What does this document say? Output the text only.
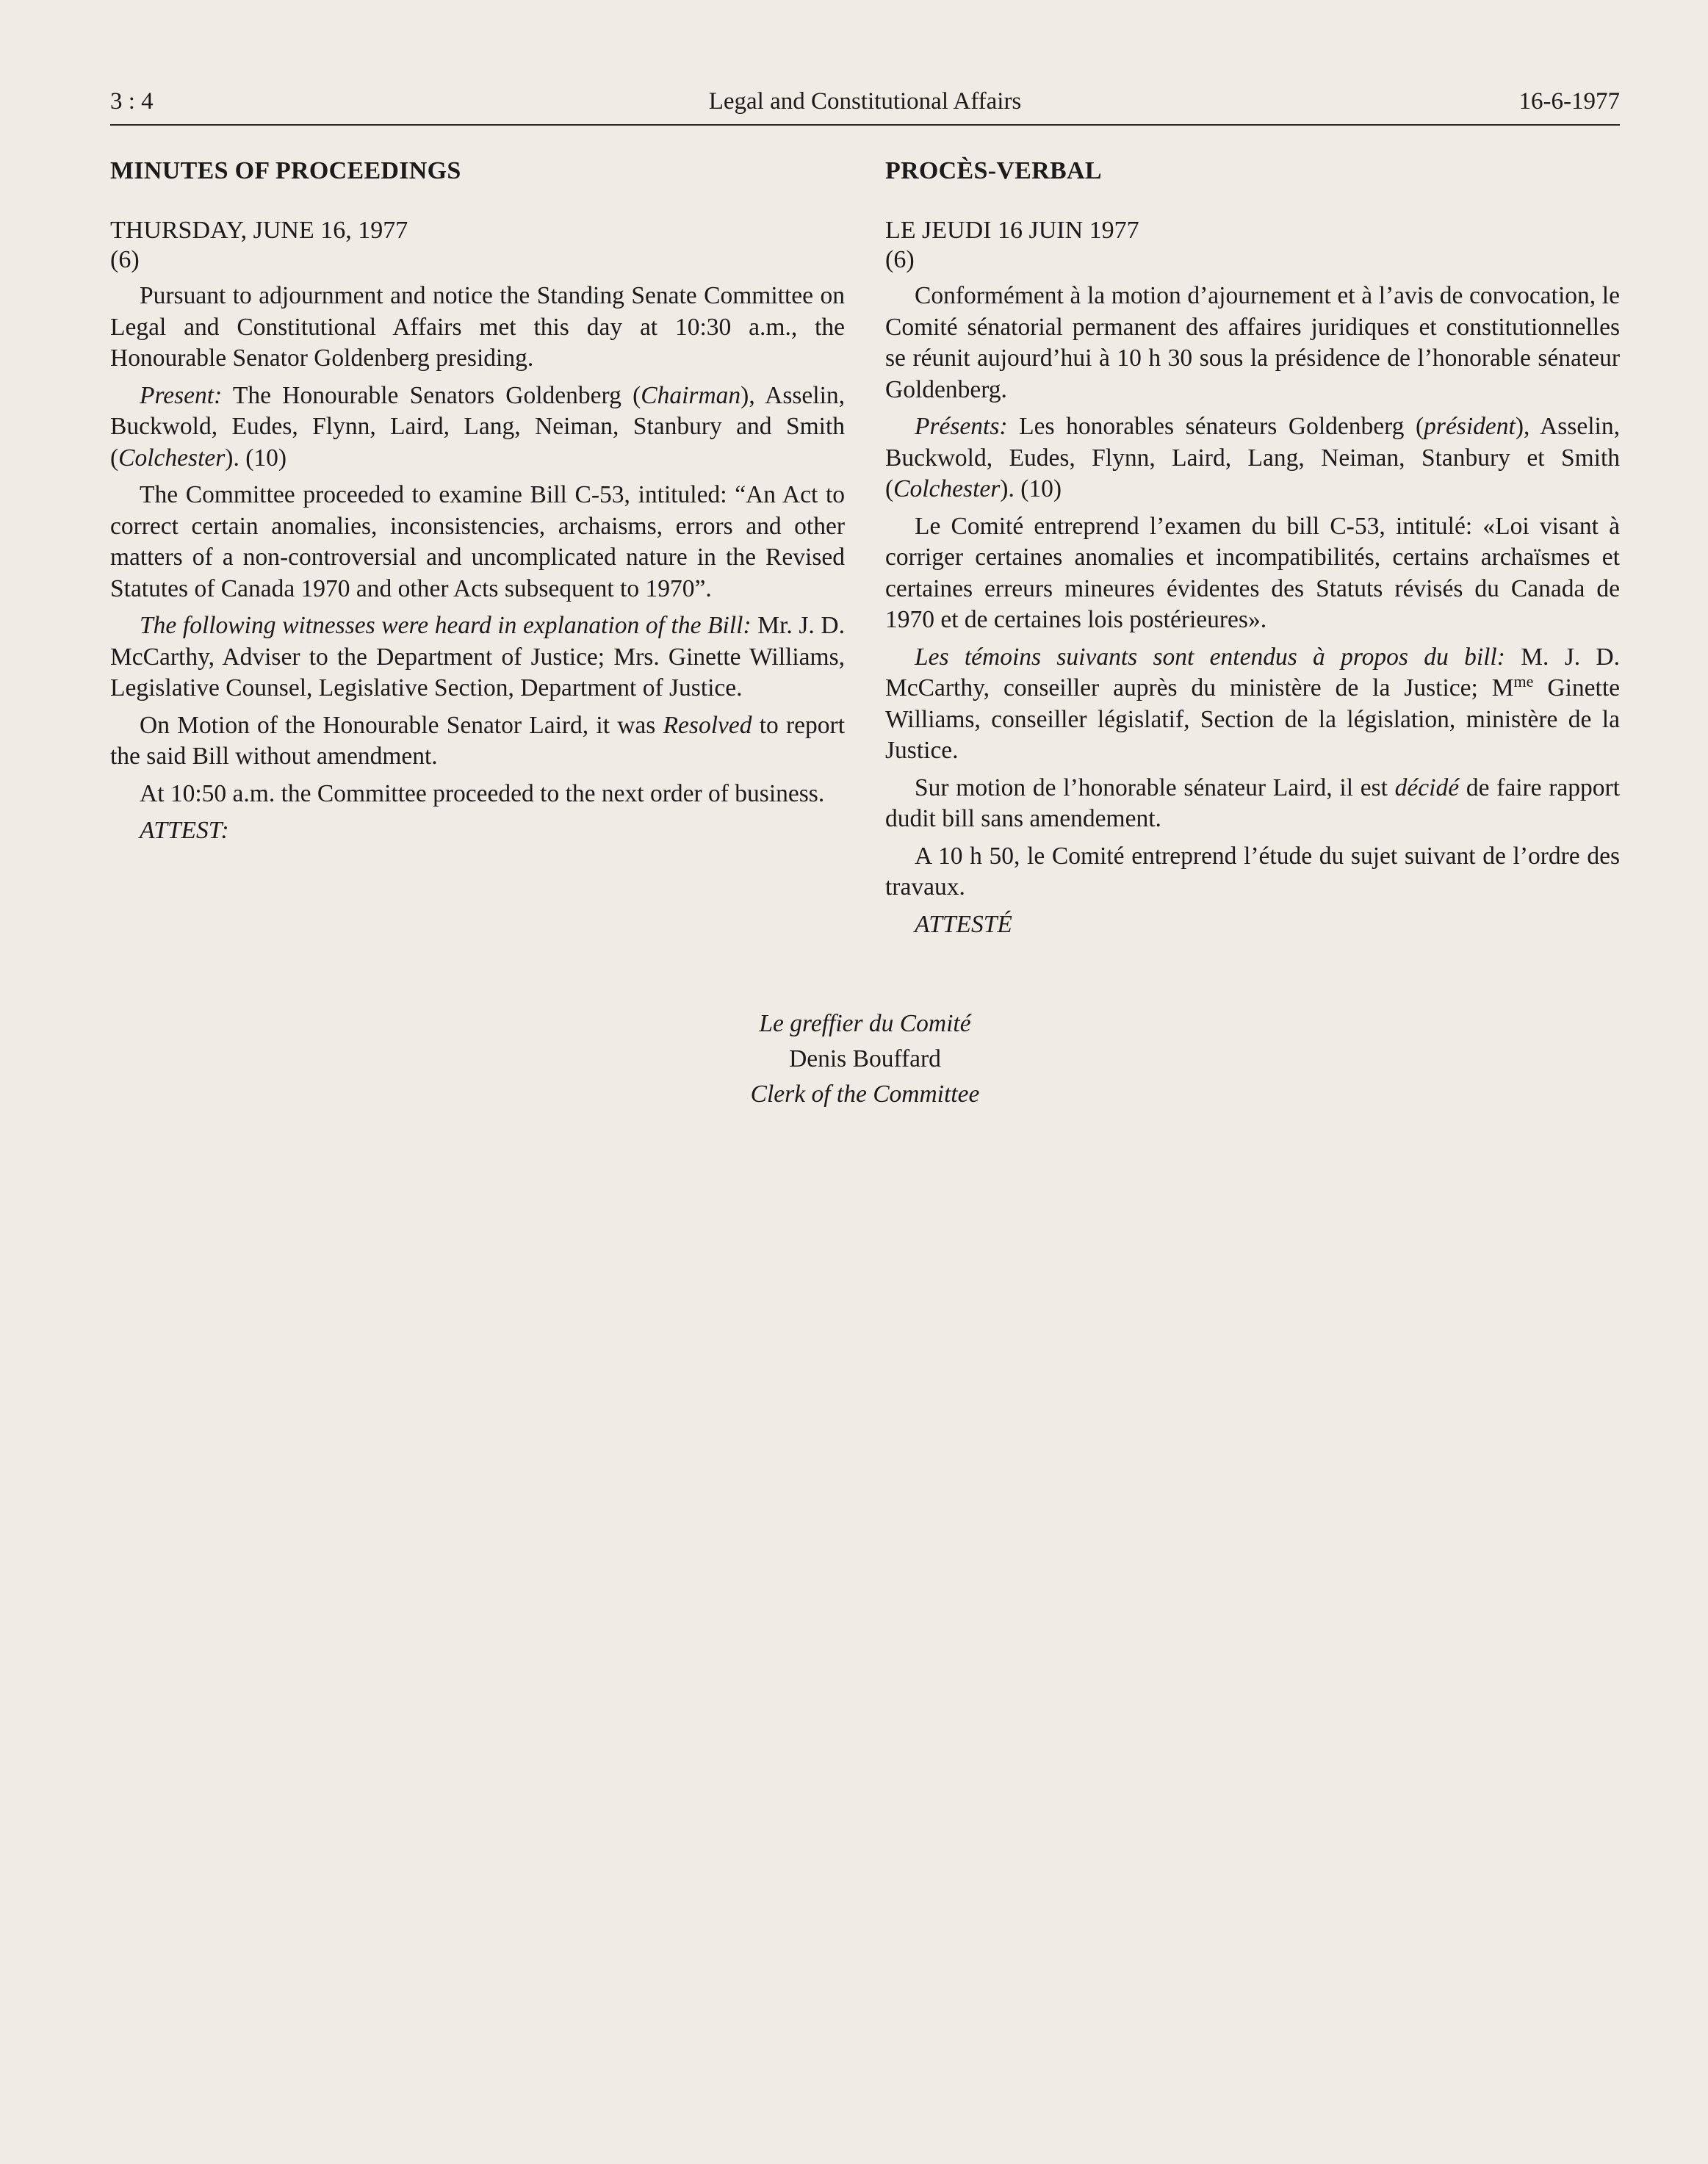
3 : 4	Legal and Constitutional Affairs	16-6-1977
MINUTES OF PROCEEDINGS
THURSDAY, JUNE 16, 1977
(6)

Pursuant to adjournment and notice the Standing Senate Committee on Legal and Constitutional Affairs met this day at 10:30 a.m., the Honourable Senator Goldenberg presiding.

Present: The Honourable Senators Goldenberg (Chairman), Asselin, Buckwold, Eudes, Flynn, Laird, Lang, Neiman, Stanbury and Smith (Colchester). (10)

The Committee proceeded to examine Bill C-53, intituled: “An Act to correct certain anomalies, inconsistencies, archaisms, errors and other matters of a non-controversial and uncomplicated nature in the Revised Statutes of Canada 1970 and other Acts subsequent to 1970”.

The following witnesses were heard in explanation of the Bill: Mr. J. D. McCarthy, Adviser to the Department of Justice; Mrs. Ginette Williams, Legislative Counsel, Legislative Section, Department of Justice.

On Motion of the Honourable Senator Laird, it was Resolved to report the said Bill without amendment.

At 10:50 a.m. the Committee proceeded to the next order of business.

ATTEST:

PROCÈS-VERBAL
LE JEUDI 16 JUIN 1977
(6)

Conformément à la motion d’ajournement et à l’avis de convocation, le Comité sénatorial permanent des affaires juridiques et constitutionnelles se réunit aujourd’hui à 10 h 30 sous la présidence de l’honorable sénateur Goldenberg.

Présents: Les honorables sénateurs Goldenberg (président), Asselin, Buckwold, Eudes, Flynn, Laird, Lang, Neiman, Stanbury et Smith (Colchester). (10)

Le Comité entreprend l’examen du bill C-53, intitulé: «Loi visant à corriger certaines anomalies et incompatibilités, certains archaïsmes et certaines erreurs mineures évidentes des Statuts révisés du Canada de 1970 et de certaines lois postérieures».

Les témoins suivants sont entendus à propos du bill: M. J. D. McCarthy, conseiller auprès du ministère de la Justice; $M^{me}$ Ginette Williams, conseiller législatif, Section de la législation, ministère de la Justice.

Sur motion de l’honorable sénateur Laird, il est décidé de faire rapport dudit bill sans amendement.

A 10 h 50, le Comité entreprend l’étude du sujet suivant de l’ordre des travaux.

ATTESTÉ

Le greffier du Comité
Denis Bouffard
Clerk of the Committee
